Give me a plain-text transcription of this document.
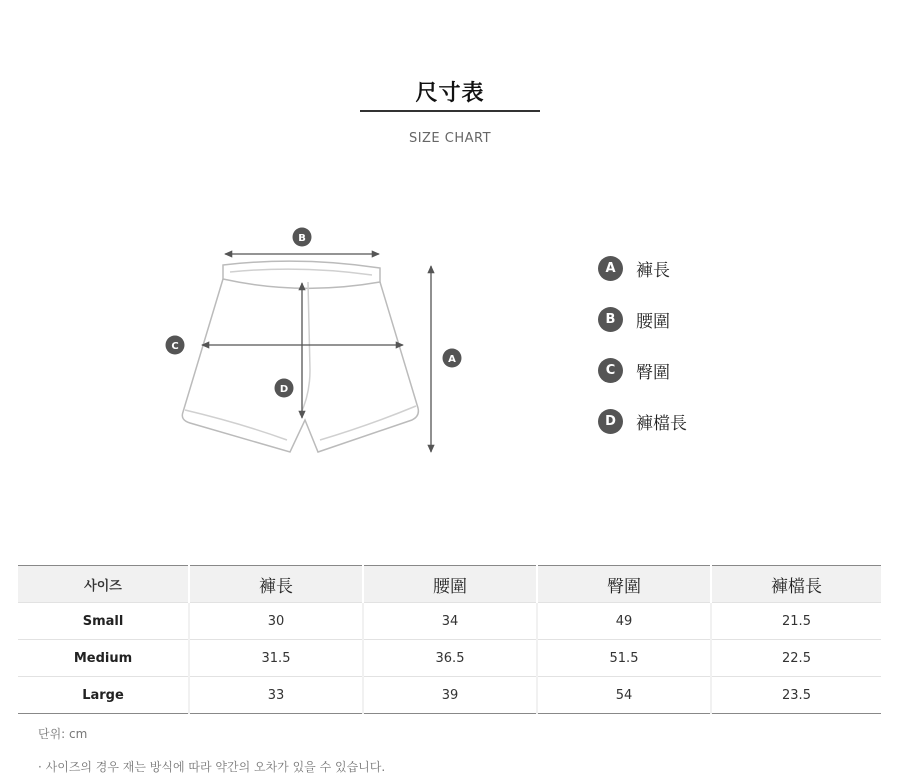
尺寸表
SIZE CHART
B
C
D
A
A	褲長
B	腰圍
C	臀圍
D	褲檔長
사이즈	褲長	腰圍	臀圍	褲檔長
Small	30	34	49	21.5
Medium	31.5	36.5	51.5	22.5
Large	33	39	54	23.5
단위: cm
· 사이즈의 경우 재는 방식에 따라 약간의 오차가 있을 수 있습니다.
